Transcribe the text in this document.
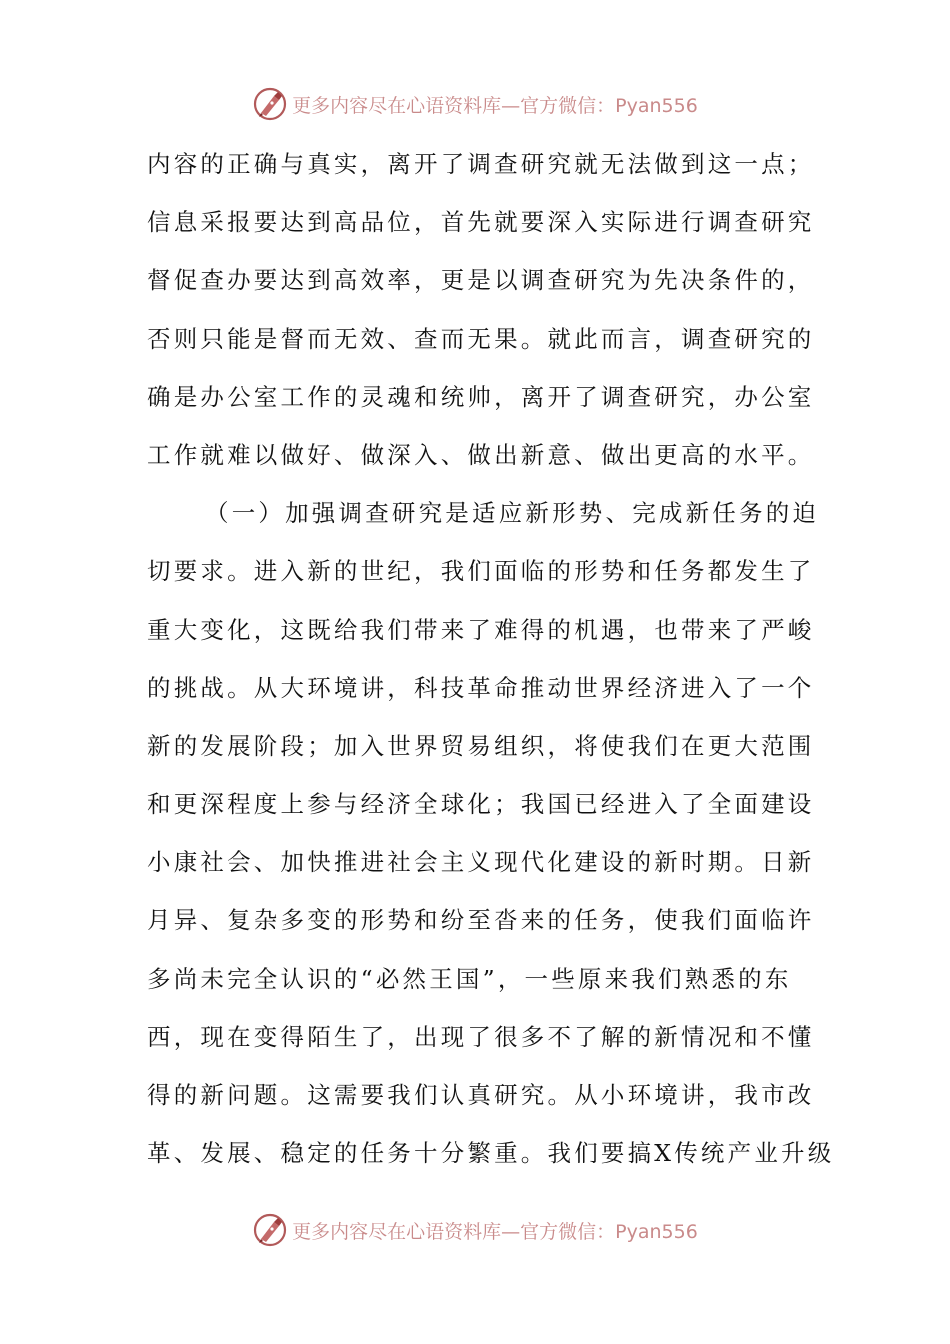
更多内容尽在心语资料库—官方微信：Pyan556
内容的正确与真实，离开了调查研究就无法做到这一点；
信息采报要达到高品位，首先就要深入实际进行调查研究
督促查办要达到高效率，更是以调查研究为先决条件的，
否则只能是督而无效、查而无果。就此而言，调查研究的
确是办公室工作的灵魂和统帅，离开了调查研究，办公室
工作就难以做好、做深入、做出新意、做出更高的水平。
（一）加强调查研究是适应新形势、完成新任务的迫
切要求。进入新的世纪，我们面临的形势和任务都发生了
重大变化，这既给我们带来了难得的机遇，也带来了严峻
的挑战。从大环境讲，科技革命推动世界经济进入了一个
新的发展阶段；加入世界贸易组织，将使我们在更大范围
和更深程度上参与经济全球化；我国已经进入了全面建设
小康社会、加快推进社会主义现代化建设的新时期。日新
月异、复杂多变的形势和纷至沓来的任务，使我们面临许
多尚未完全认识的“必然王国”，一些原来我们熟悉的东
西，现在变得陌生了，出现了很多不了解的新情况和不懂
得的新问题。这需要我们认真研究。从小环境讲，我市改
革、发展、稳定的任务十分繁重。我们要搞X传统产业升级
更多内容尽在心语资料库—官方微信：Pyan556
